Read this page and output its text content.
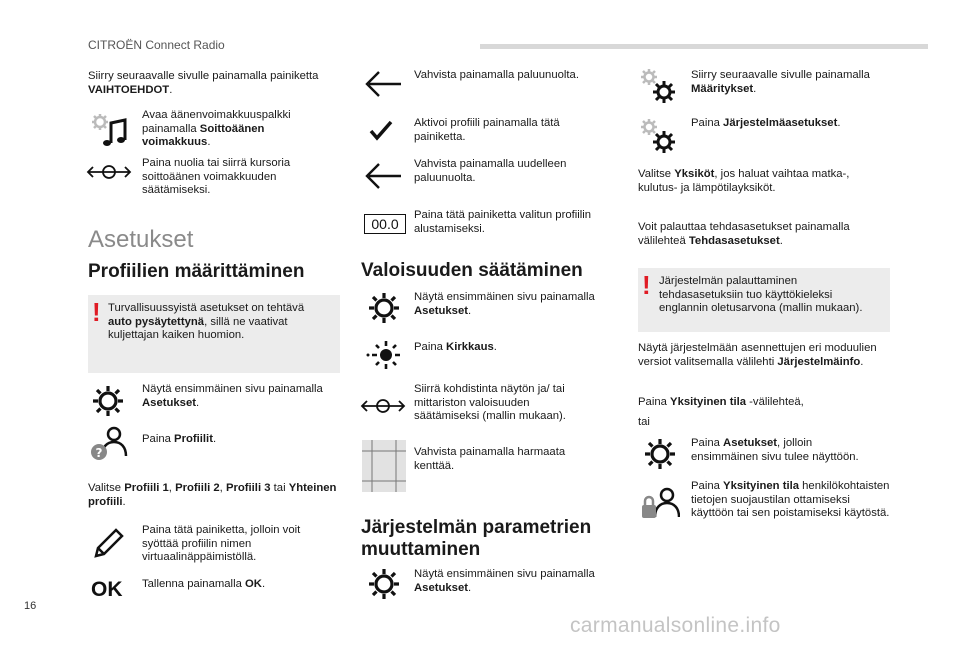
CITROËN Connect Radio
Siirry seuraavalle sivulle painamalla painiketta VAIHTOEHDOT.
Avaa äänenvoimakkuuspalkki painamalla Soittoäänen voimakkuus.
Paina nuolia tai siirrä kursoria soittoäänen voimakkuuden säätämiseksi.
Asetukset
Profiilien määrittäminen
! Turvallisuussyistä asetukset on tehtävä auto pysäytettynä, sillä ne vaativat kuljettajan kaiken huomion.
Näytä ensimmäinen sivu painamalla Asetukset.
?
Paina Profiilit.
Valitse Profiili 1, Profiili 2, Profiili 3 tai Yhteinen profiili.
Paina tätä painiketta, jolloin voit syöttää profiilin nimen virtuaalinäppäimistöllä.
OK Tallenna painamalla OK.
Vahvista painamalla paluunuolta.
Aktivoi profiili painamalla tätä painiketta.
Vahvista painamalla uudelleen paluunuolta.
00.0
Paina tätä painiketta valitun profiilin alustamiseksi.
Valoisuuden säätäminen
Näytä ensimmäinen sivu painamalla Asetukset.
Paina Kirkkaus.
Siirrä kohdistinta näytön ja/ tai mittariston valoisuuden säätämiseksi (mallin mukaan).
Vahvista painamalla harmaata kenttää.
Järjestelmän parametrien muuttaminen
Näytä ensimmäinen sivu painamalla Asetukset.
Siirry seuraavalle sivulle painamalla Määritykset.
Paina Järjestelmäasetukset.
Valitse Yksiköt, jos haluat vaihtaa matka-, kulutus- ja lämpötilayksiköt.
Voit palauttaa tehdasasetukset painamalla välilehteä Tehdasasetukset.
! Järjestelmän palauttaminen tehdasasetuksiin tuo käyttökieleksi englannin oletusarvona (mallin mukaan).
Näytä järjestelmään asennettujen eri moduulien versiot valitsemalla välilehti Järjestelmäinfo.
Paina Yksityinen tila -välilehteä,
tai
Paina Asetukset, jolloin ensimmäinen sivu tulee näyttöön.
Paina Yksityinen tila henkilökohtaisten tietojen suojaustilan ottamiseksi käyttöön tai sen poistamiseksi käytöstä.
16
carmanualsonline.info
